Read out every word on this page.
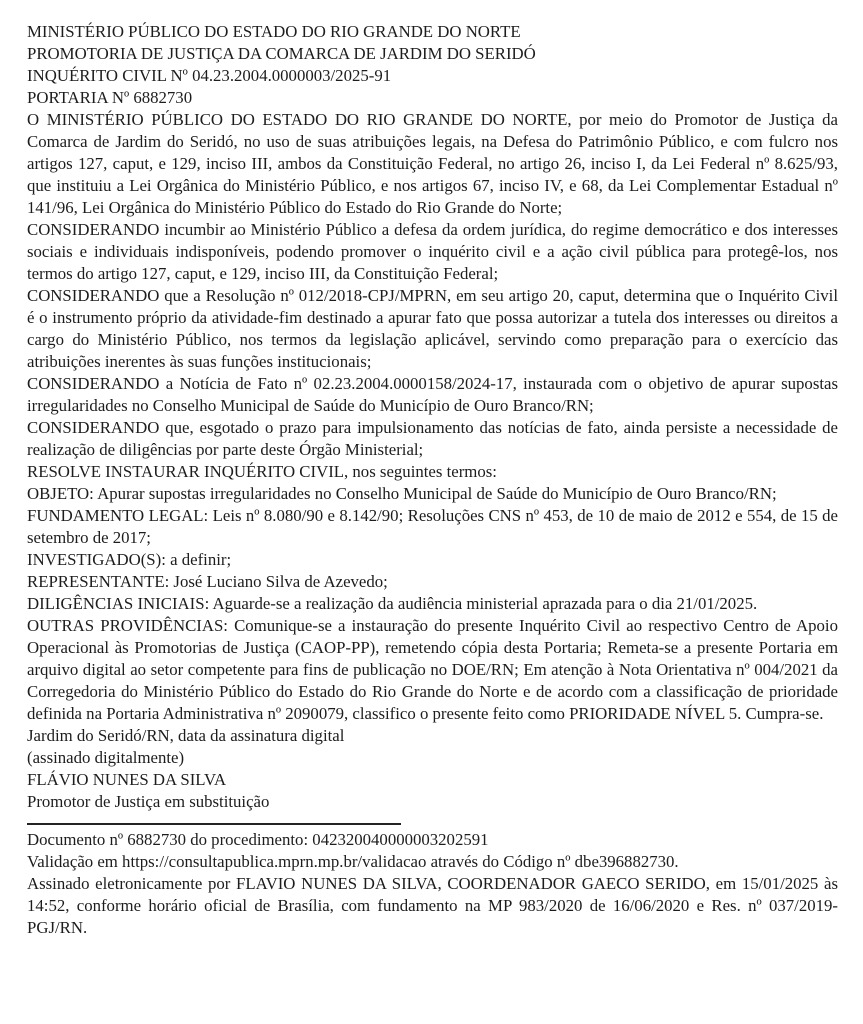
MINISTÉRIO PÚBLICO DO ESTADO DO RIO GRANDE DO NORTE

PROMOTORIA DE JUSTIÇA DA COMARCA DE JARDIM DO SERIDÓ

INQUÉRITO CIVIL Nº 04.23.2004.0000003/2025-91

PORTARIA Nº 6882730

O MINISTÉRIO PÚBLICO DO ESTADO DO RIO GRANDE DO NORTE, por meio do Promotor de Justiça da Comarca de Jardim do Seridó, no uso de suas atribuições legais, na Defesa do Patrimônio Público, e com fulcro nos artigos 127, caput, e 129, inciso III, ambos da Constituição Federal, no artigo 26, inciso I, da Lei Federal nº 8.625/93, que instituiu a Lei Orgânica do Ministério Público, e nos artigos 67, inciso IV, e 68, da Lei Complementar Estadual nº 141/96, Lei Orgânica do Ministério Público do Estado do Rio Grande do Norte;

CONSIDERANDO incumbir ao Ministério Público a defesa da ordem jurídica, do regime democrático e dos interesses sociais e individuais indisponíveis, podendo promover o inquérito civil e a ação civil pública para protegê-los, nos termos do artigo 127, caput, e 129, inciso III, da Constituição Federal;

CONSIDERANDO que a Resolução nº 012/2018-CPJ/MPRN, em seu artigo 20, caput, determina que o Inquérito Civil é o instrumento próprio da atividade-fim destinado a apurar fato que possa autorizar a tutela dos interesses ou direitos a cargo do Ministério Público, nos termos da legislação aplicável, servindo como preparação para o exercício das atribuições inerentes às suas funções institucionais;

CONSIDERANDO a Notícia de Fato nº 02.23.2004.0000158/2024-17, instaurada com o objetivo de apurar supostas irregularidades no Conselho Municipal de Saúde do Município de Ouro Branco/RN;

CONSIDERANDO que, esgotado o prazo para impulsionamento das notícias de fato, ainda persiste a necessidade de realização de diligências por parte deste Órgão Ministerial;

RESOLVE INSTAURAR INQUÉRITO CIVIL, nos seguintes termos:

OBJETO: Apurar supostas irregularidades no Conselho Municipal de Saúde do Município de Ouro Branco/RN;

FUNDAMENTO LEGAL: Leis nº 8.080/90 e 8.142/90; Resoluções CNS nº 453, de 10 de maio de 2012 e 554, de 15 de setembro de 2017;

INVESTIGADO(S): a definir;

REPRESENTANTE: José Luciano Silva de Azevedo;

DILIGÊNCIAS INICIAIS: Aguarde-se a realização da audiência ministerial aprazada para o dia 21/01/2025.

OUTRAS PROVIDÊNCIAS: Comunique-se a instauração do presente Inquérito Civil ao respectivo Centro de Apoio Operacional às Promotorias de Justiça (CAOP-PP), remetendo cópia desta Portaria; Remeta-se a presente Portaria em arquivo digital ao setor competente para fins de publicação no DOE/RN; Em atenção à Nota Orientativa nº 004/2021 da Corregedoria do Ministério Público do Estado do Rio Grande do Norte e de acordo com a classificação de prioridade definida na Portaria Administrativa nº 2090079, classifico o presente feito como PRIORIDADE NÍVEL 5. Cumpra-se.

Jardim do Seridó/RN, data da assinatura digital

(assinado digitalmente)

FLÁVIO NUNES DA SILVA

Promotor de Justiça em substituição

Documento nº 6882730 do procedimento: 042320040000003202591

Validação em https://consultapublica.mprn.mp.br/validacao através do Código nº dbe396882730.

Assinado eletronicamente por FLAVIO NUNES DA SILVA, COORDENADOR GAECO SERIDO, em 15/01/2025 às 14:52, conforme horário oficial de Brasília, com fundamento na MP 983/2020 de 16/06/2020 e Res. nº 037/2019-PGJ/RN.
